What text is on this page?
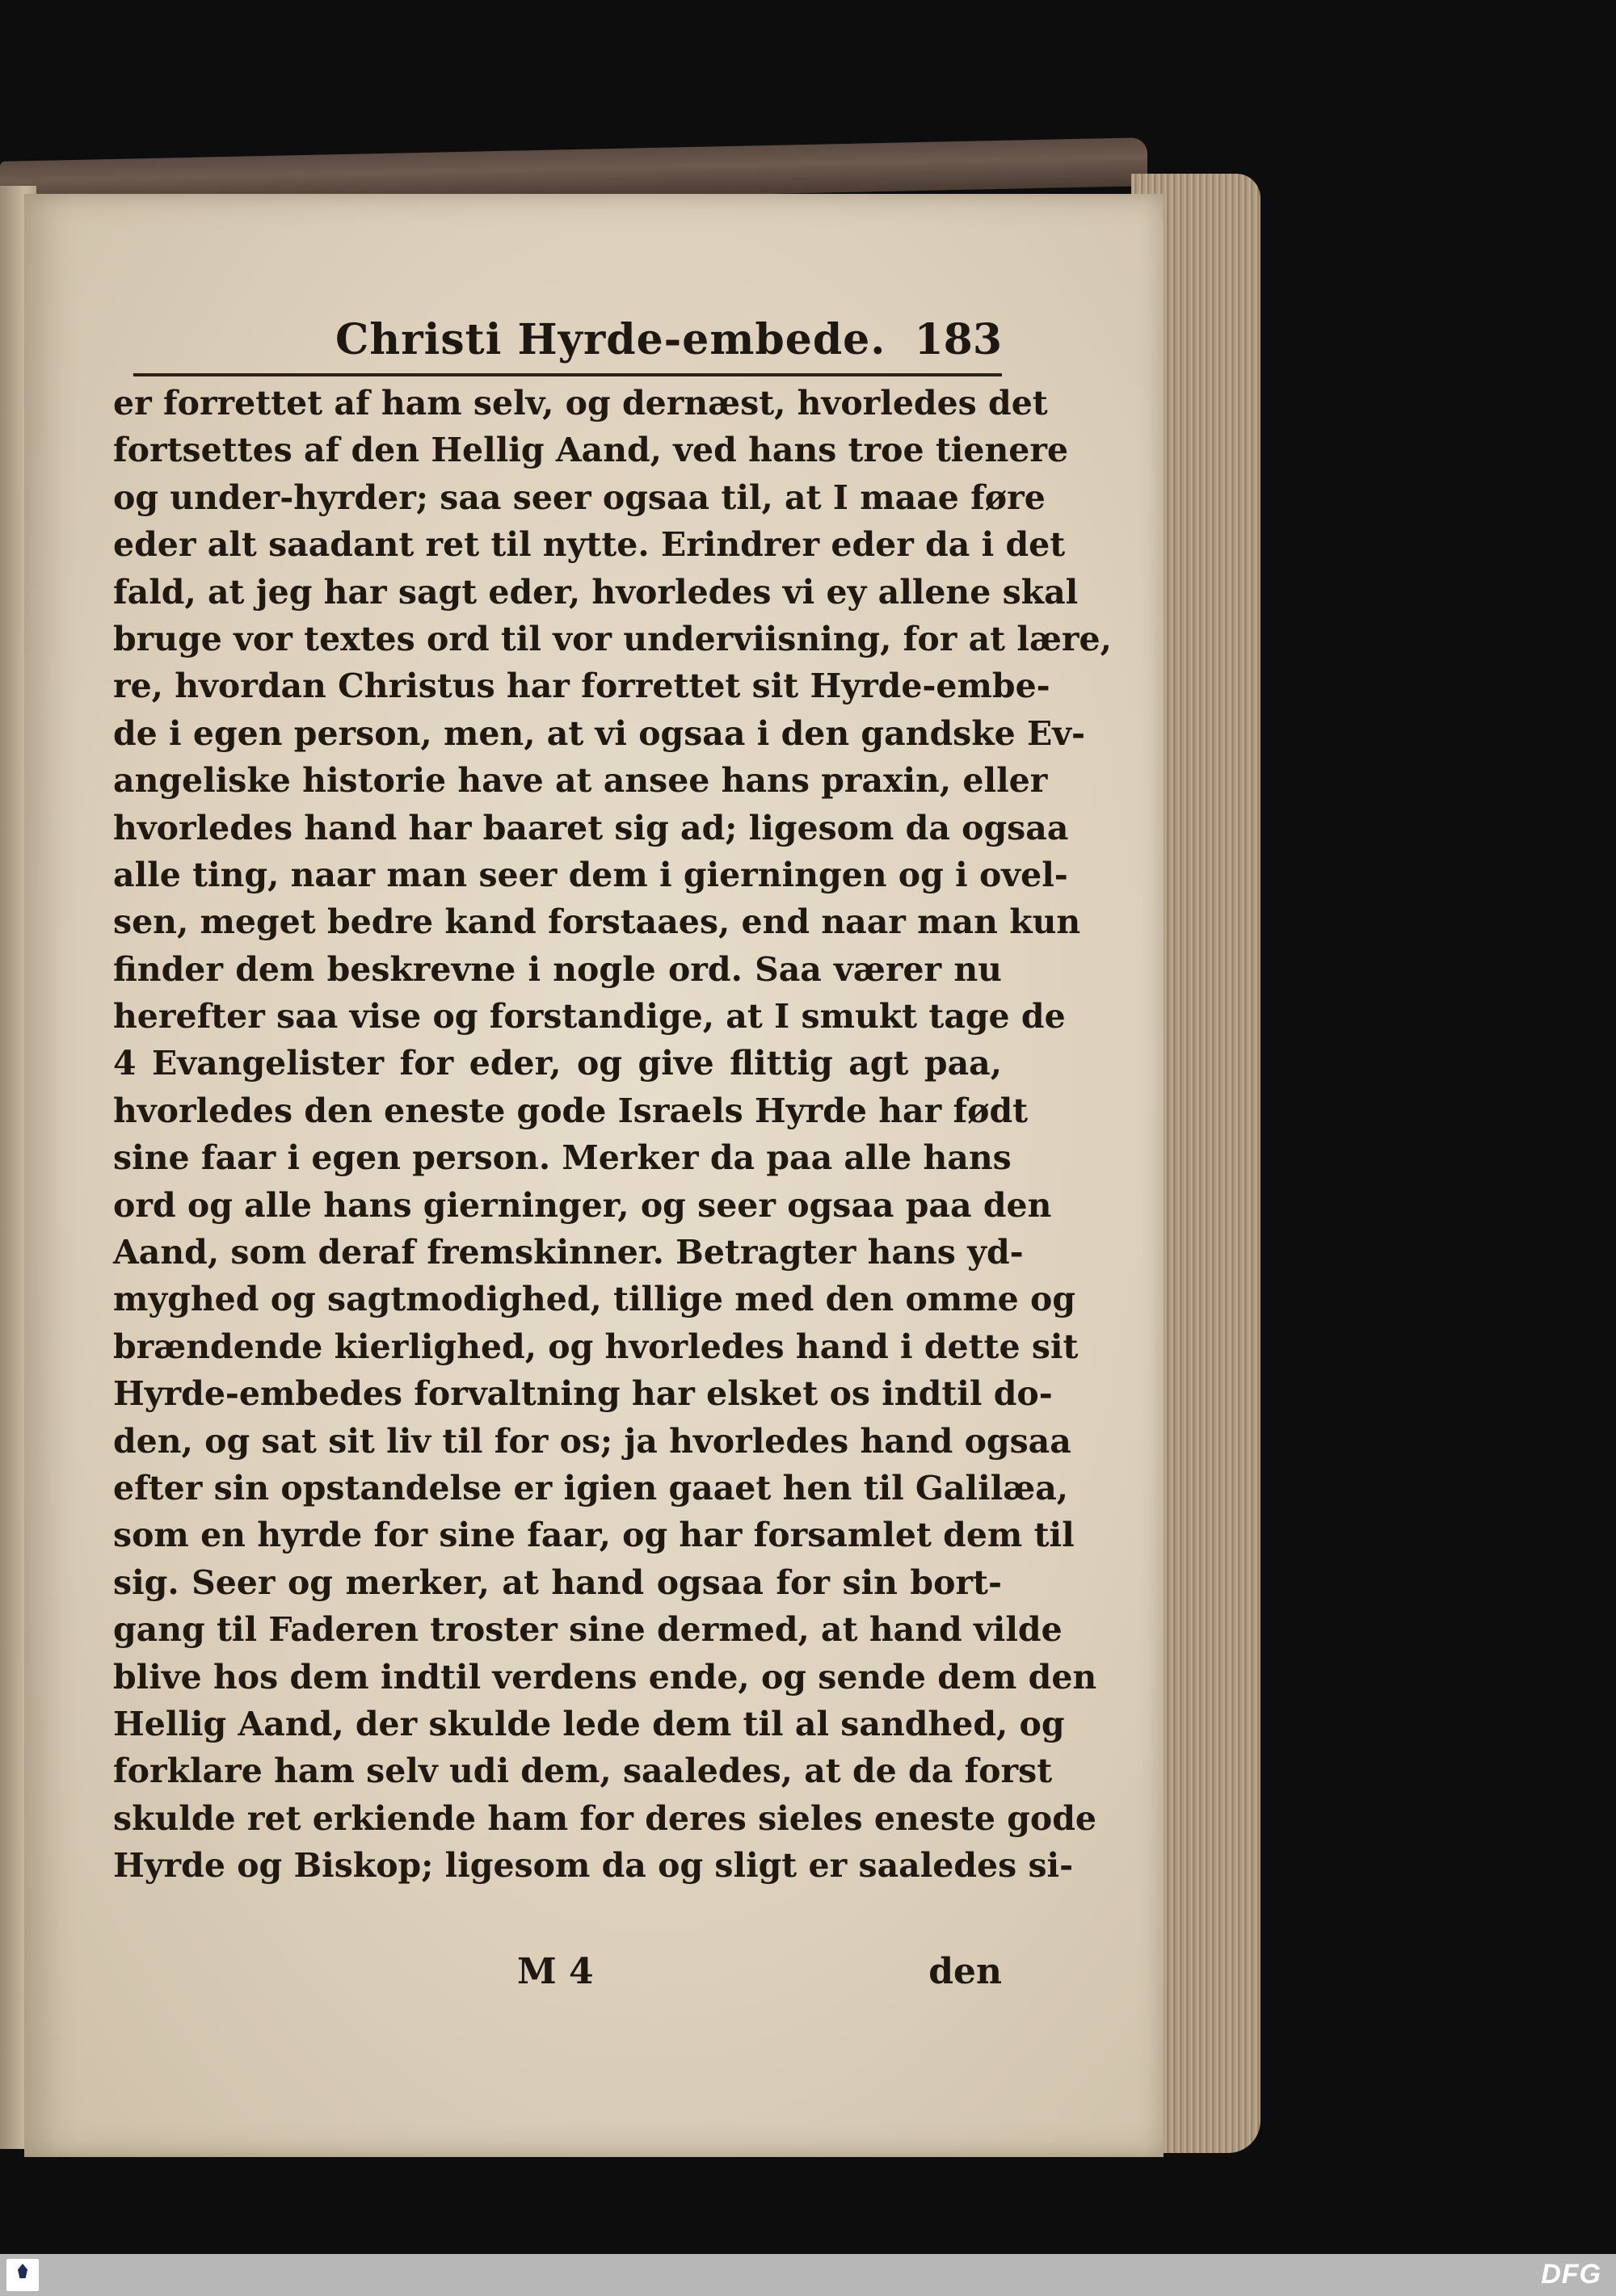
Christi Hyrde-embede. 183
er forrettet af ham selv, og dernæst, hvorledes det
fortsettes af den Hellig Aand, ved hans troe tienere
og under-hyrder; saa seer ogsaa til, at I maae føre
eder alt saadant ret til nytte. Erindrer eder da i det
fald, at jeg har sagt eder, hvorledes vi ey allene skal
bruge vor textes ord til vor underviisning, for at lære,
re, hvordan Christus har forrettet sit Hyrde-embe-
de i egen person, men, at vi ogsaa i den gandske Ev-
angeliske historie have at ansee hans praxin, eller
hvorledes hand har baaret sig ad; ligesom da ogsaa
alle ting, naar man seer dem i gierningen og i ovel-
sen, meget bedre kand forstaaes, end naar man kun
finder dem beskrevne i nogle ord. Saa værer nu
herefter saa vise og forstandige, at I smukt tage de
4 Evangelister for eder, og give flittig agt paa,
hvorledes den eneste gode Israels Hyrde har født
sine faar i egen person. Merker da paa alle hans
ord og alle hans gierninger, og seer ogsaa paa den
Aand, som deraf fremskinner. Betragter hans yd-
myghed og sagtmodighed, tillige med den omme og
brændende kierlighed, og hvorledes hand i dette sit
Hyrde-embedes forvaltning har elsket os indtil do-
den, og sat sit liv til for os; ja hvorledes hand ogsaa
efter sin opstandelse er igien gaaet hen til Galilæa,
som en hyrde for sine faar, og har forsamlet dem til
sig. Seer og merker, at hand ogsaa for sin bort-
gang til Faderen troster sine dermed, at hand vilde
blive hos dem indtil verdens ende, og sende dem den
Hellig Aand, der skulde lede dem til al sandhed, og
forklare ham selv udi dem, saaledes, at de da forst
skulde ret erkiende ham for deres sieles eneste gode
Hyrde og Biskop; ligesom da og sligt er saaledes si-
M 4	den
DFG
